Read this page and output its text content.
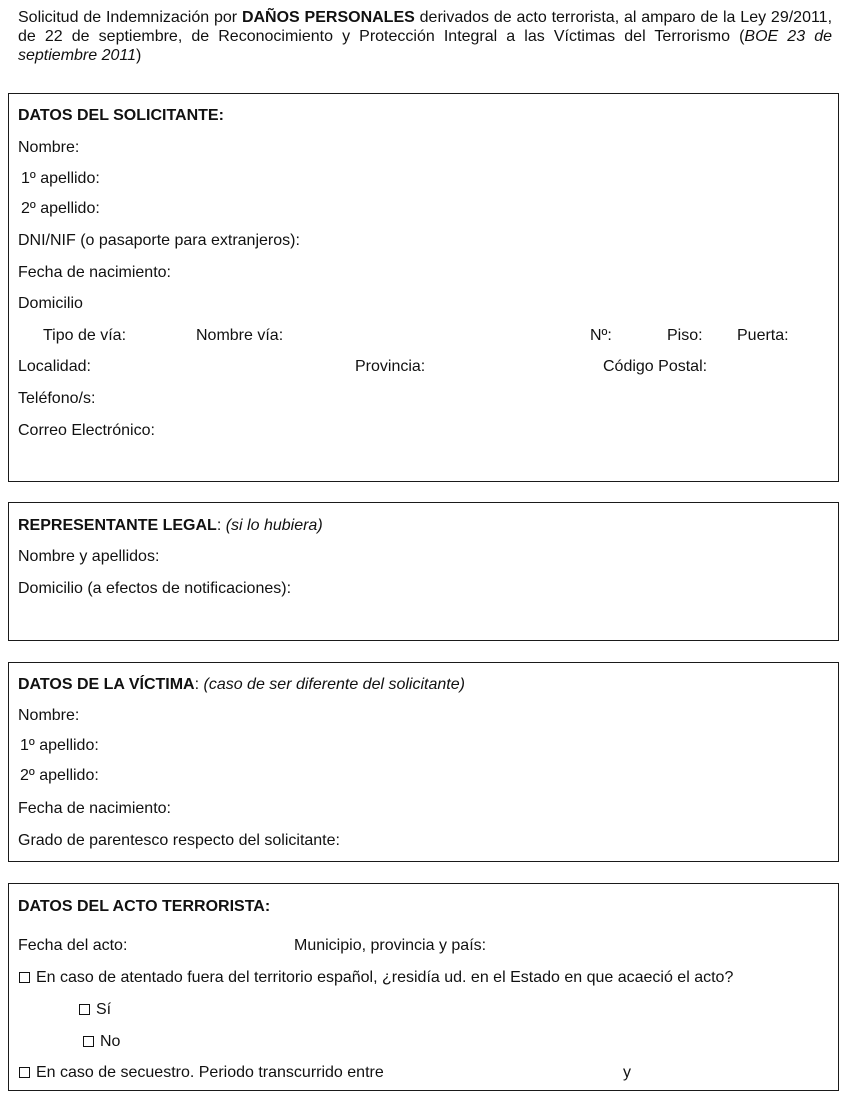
Solicitud de Indemnización por DAÑOS PERSONALES derivados de acto terrorista, al amparo de la Ley 29/2011, de 22 de septiembre, de Reconocimiento y Protección Integral a las Víctimas del Terrorismo (BOE 23 de septiembre 2011)
DATOS DEL SOLICITANTE:
Nombre:
1º apellido:
2º apellido:
DNI/NIF (o pasaporte para extranjeros):
Fecha de nacimiento:
Domicilio
Tipo de vía:	Nombre vía:	Nº:	Piso: Puerta:
Localidad:	Provincia:	Código Postal:
Teléfono/s:
Correo Electrónico:
REPRESENTANTE LEGAL: (si lo hubiera)
Nombre y apellidos:
Domicilio (a efectos de notificaciones):
DATOS DE LA VÍCTIMA: (caso de ser diferente del solicitante)
Nombre:
1º apellido:
2º apellido:
Fecha de nacimiento:
Grado de parentesco respecto del solicitante:
DATOS DEL ACTO TERRORISTA:
Fecha del acto:	Municipio, provincia y país:
En caso de atentado fuera del territorio español, ¿residía ud. en el Estado en que acaeció el acto?
Sí
No
En caso de secuestro. Periodo transcurrido entre	y
